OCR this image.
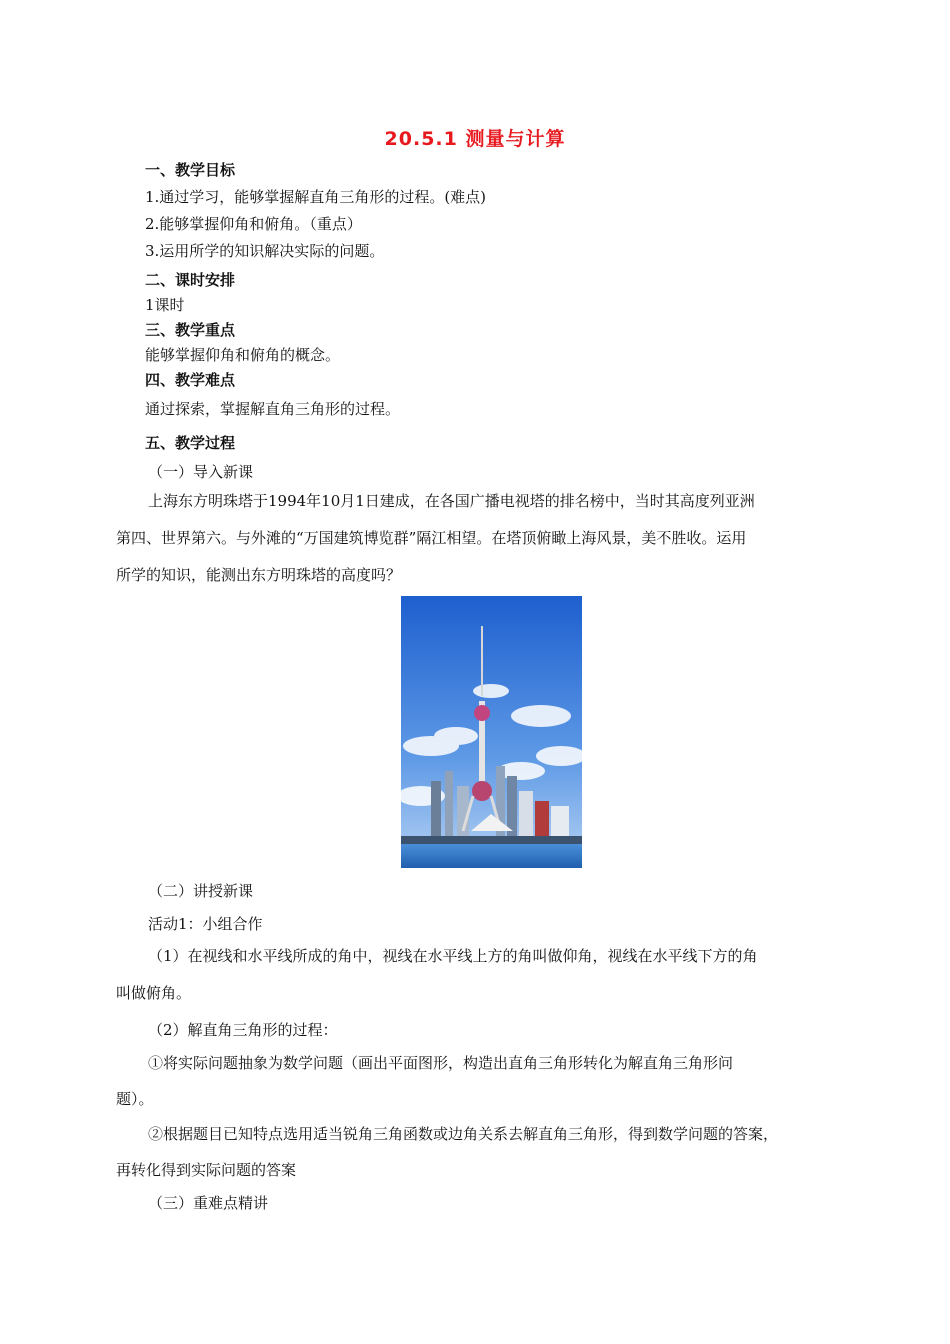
20.5.1 测量与计算
一、教学目标
1.通过学习，能够掌握解直角三角形的过程。(难点)
2.能够掌握仰角和俯角。（重点）
3.运用所学的知识解决实际的问题。
二、课时安排
1课时
三、教学重点
能够掌握仰角和俯角的概念。
四、教学难点
通过探索，掌握解直角三角形的过程。
五、教学过程
（一）导入新课
上海东方明珠塔于1994年10月1日建成，在各国广播电视塔的排名榜中，当时其高度列亚洲
第四、世界第六。与外滩的“万国建筑博览群”隔江相望。在塔顶俯瞰上海风景，美不胜收。运用
所学的知识，能测出东方明珠塔的高度吗？
（二）讲授新课
活动1：小组合作
（1）在视线和水平线所成的角中，视线在水平线上方的角叫做仰角，视线在水平线下方的角
叫做俯角。
（2）解直角三角形的过程：
①将实际问题抽象为数学问题（画出平面图形，构造出直角三角形转化为解直角三角形问
题）。
②根据题目已知特点选用适当锐角三角函数或边角关系去解直角三角形，得到数学问题的答案，
再转化得到实际问题的答案
（三）重难点精讲
